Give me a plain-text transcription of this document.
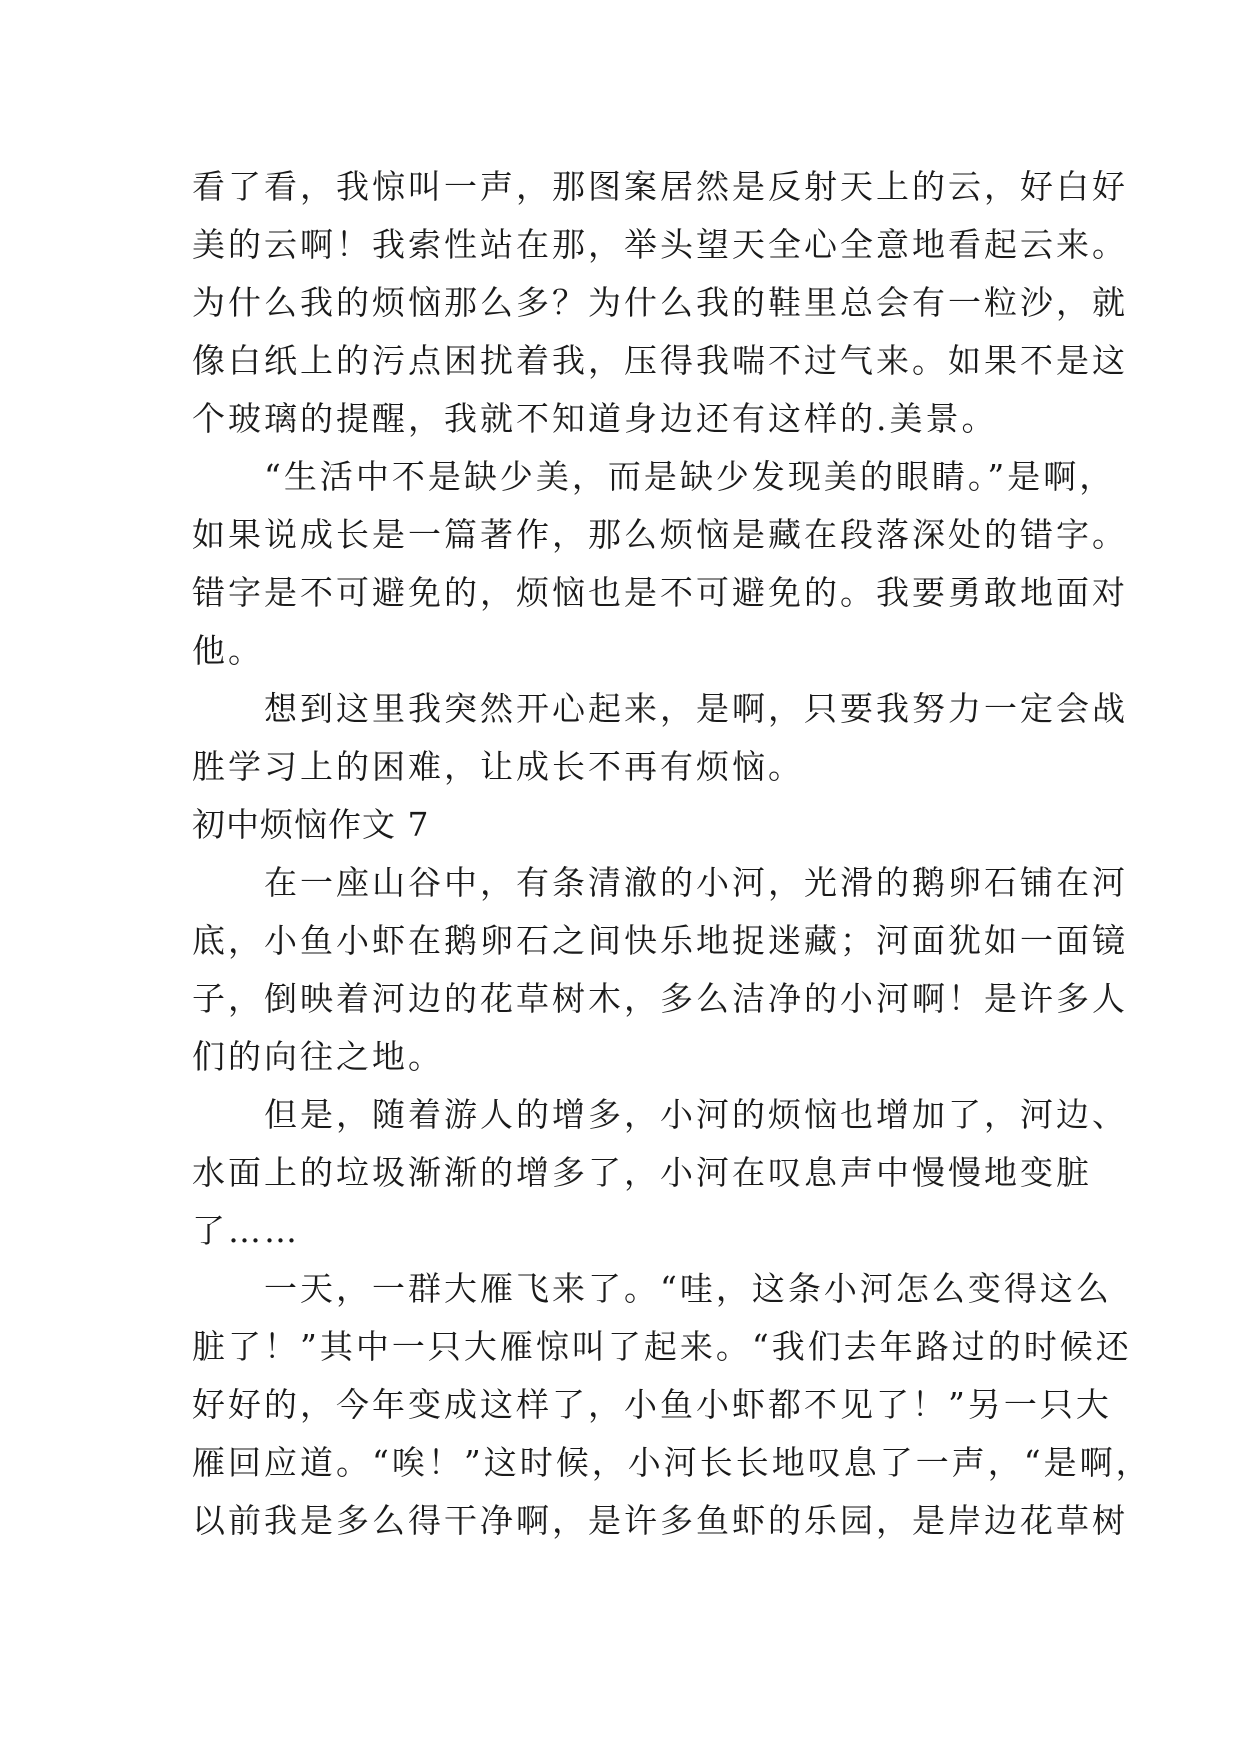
看了看，我惊叫一声，那图案居然是反射天上的云，好白好
美的云啊！我索性站在那，举头望天全心全意地看起云来。
为什么我的烦恼那么多？为什么我的鞋里总会有一粒沙，就
像白纸上的污点困扰着我，压得我喘不过气来。如果不是这
个玻璃的提醒，我就不知道身边还有这样的.美景。
“生活中不是缺少美，而是缺少发现美的眼睛。”是啊，
如果说成长是一篇著作，那么烦恼是藏在段落深处的错字。
错字是不可避免的，烦恼也是不可避免的。我要勇敢地面对
他。
想到这里我突然开心起来，是啊，只要我努力一定会战
胜学习上的困难，让成长不再有烦恼。
初中烦恼作文 7
在一座山谷中，有条清澈的小河，光滑的鹅卵石铺在河
底，小鱼小虾在鹅卵石之间快乐地捉迷藏；河面犹如一面镜
子，倒映着河边的花草树木，多么洁净的小河啊！是许多人
们的向往之地。
但是，随着游人的增多，小河的烦恼也增加了，河边、
水面上的垃圾渐渐的增多了，小河在叹息声中慢慢地变脏
了……
一天，一群大雁飞来了。“哇，这条小河怎么变得这么
脏了！”其中一只大雁惊叫了起来。“我们去年路过的时候还
好好的，今年变成这样了，小鱼小虾都不见了！”另一只大
雁回应道。“唉！”这时候，小河长长地叹息了一声，“是啊，
以前我是多么得干净啊，是许多鱼虾的乐园，是岸边花草树
